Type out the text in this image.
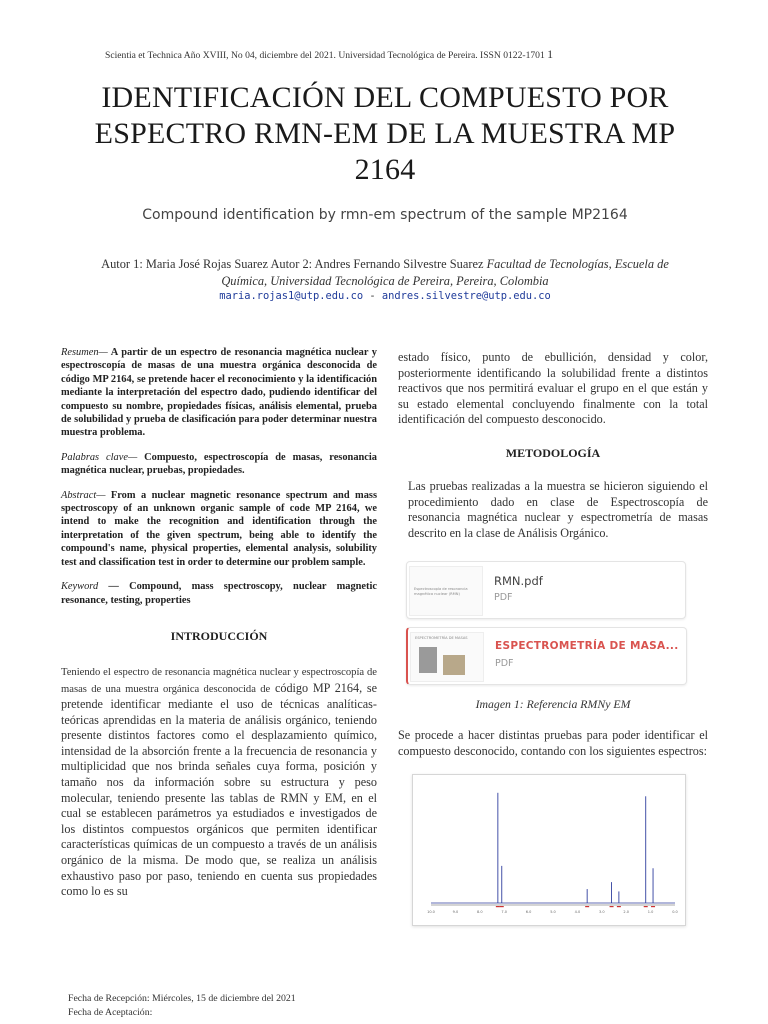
Scientia et Technica Año XVIII, No 04, diciembre del 2021. Universidad Tecnológica de Pereira. ISSN 0122-1701 1
IDENTIFICACIÓN DEL COMPUESTO POR ESPECTRO RMN-EM DE LA MUESTRA MP 2164
Compound identification by rmn-em spectrum of the sample MP2164
Autor 1: Maria José Rojas Suarez Autor 2: Andres Fernando Silvestre Suarez Facultad de Tecnologías, Escuela de Química, Universidad Tecnológica de Pereira, Pereira, Colombia
maria.rojas1@utp.edu.co - andres.silvestre@utp.edu.co

Resumen— A partir de un espectro de resonancia magnética nuclear y espectroscopía de masas de una muestra orgánica desconocida de código MP 2164, se pretende hacer el reconocimiento y la identificación mediante la interpretación del espectro dado, pudiendo identificar del compuesto su nombre, propiedades físicas, análisis elemental, prueba de solubilidad y prueba de clasificación para poder determinar nuestra muestra problema.

Palabras clave— Compuesto, espectroscopía de masas, resonancia magnética nuclear, pruebas, propiedades.

Abstract— From a nuclear magnetic resonance spectrum and mass spectroscopy of an unknown organic sample of code MP 2164, we intend to make the recognition and identification through the interpretation of the given spectrum, being able to identify the compound's name, physical properties, elemental analysis, solubility test and classification test in order to determine our problem sample.

Keyword — Compound, mass spectroscopy, nuclear magnetic resonance, testing, properties

INTRODUCCIÓN

Teniendo el espectro de resonancia magnética nuclear y espectroscopía de masas de una muestra orgánica desconocida de código MP 2164, se pretende identificar mediante el uso de técnicas analíticas-teóricas aprendidas en la materia de análisis orgánico, teniendo presente distintos factores como el desplazamiento químico, intensidad de la absorción frente a la frecuencia de resonancia y multiplicidad que nos brinda señales cuya forma, posición y tamaño nos da información sobre su estructura y peso molecular, teniendo presente las tablas de RMN y EM, en el cual se establecen parámetros ya estudiados e investigados de los distintos compuestos orgánicos que permiten identificar características químicas de un compuesto a través de un análisis orgánico de la misma. De modo que, se realiza un análisis exhaustivo paso por paso, teniendo en cuenta sus propiedades como lo es su

estado físico, punto de ebullición, densidad y color, posteriormente identificando la solubilidad frente a distintos reactivos que nos permitirá evaluar el grupo en el que están y su estado elemental concluyendo finalmente con la total identificación del compuesto desconocido.

METODOLOGÍA

Las pruebas realizadas a la muestra se hicieron siguiendo el procedimiento dado en clase de Espectroscopía de resonancia magnética nuclear y espectrometría de masas descrito en la clase de Análisis Orgánico.

Espectroscopía de resonancia magnética nuclear (RMN)
RMN.pdf
PDF
ESPECTROMETRÍA DE MASAS
ESPECTROMETRÍA DE MASA...
PDF
Imagen 1: Referencia RMNy EM

Se procede a hacer distintas pruebas para poder identificar el compuesto desconocido, contando con los siguientes espectros:

10.0	9.0	8.0	7.0	6.0	5.0	4.0	3.0	2.0	1.0	0.0
Fecha de Recepción: Miércoles, 15 de diciembre del 2021
Fecha de Aceptación:
